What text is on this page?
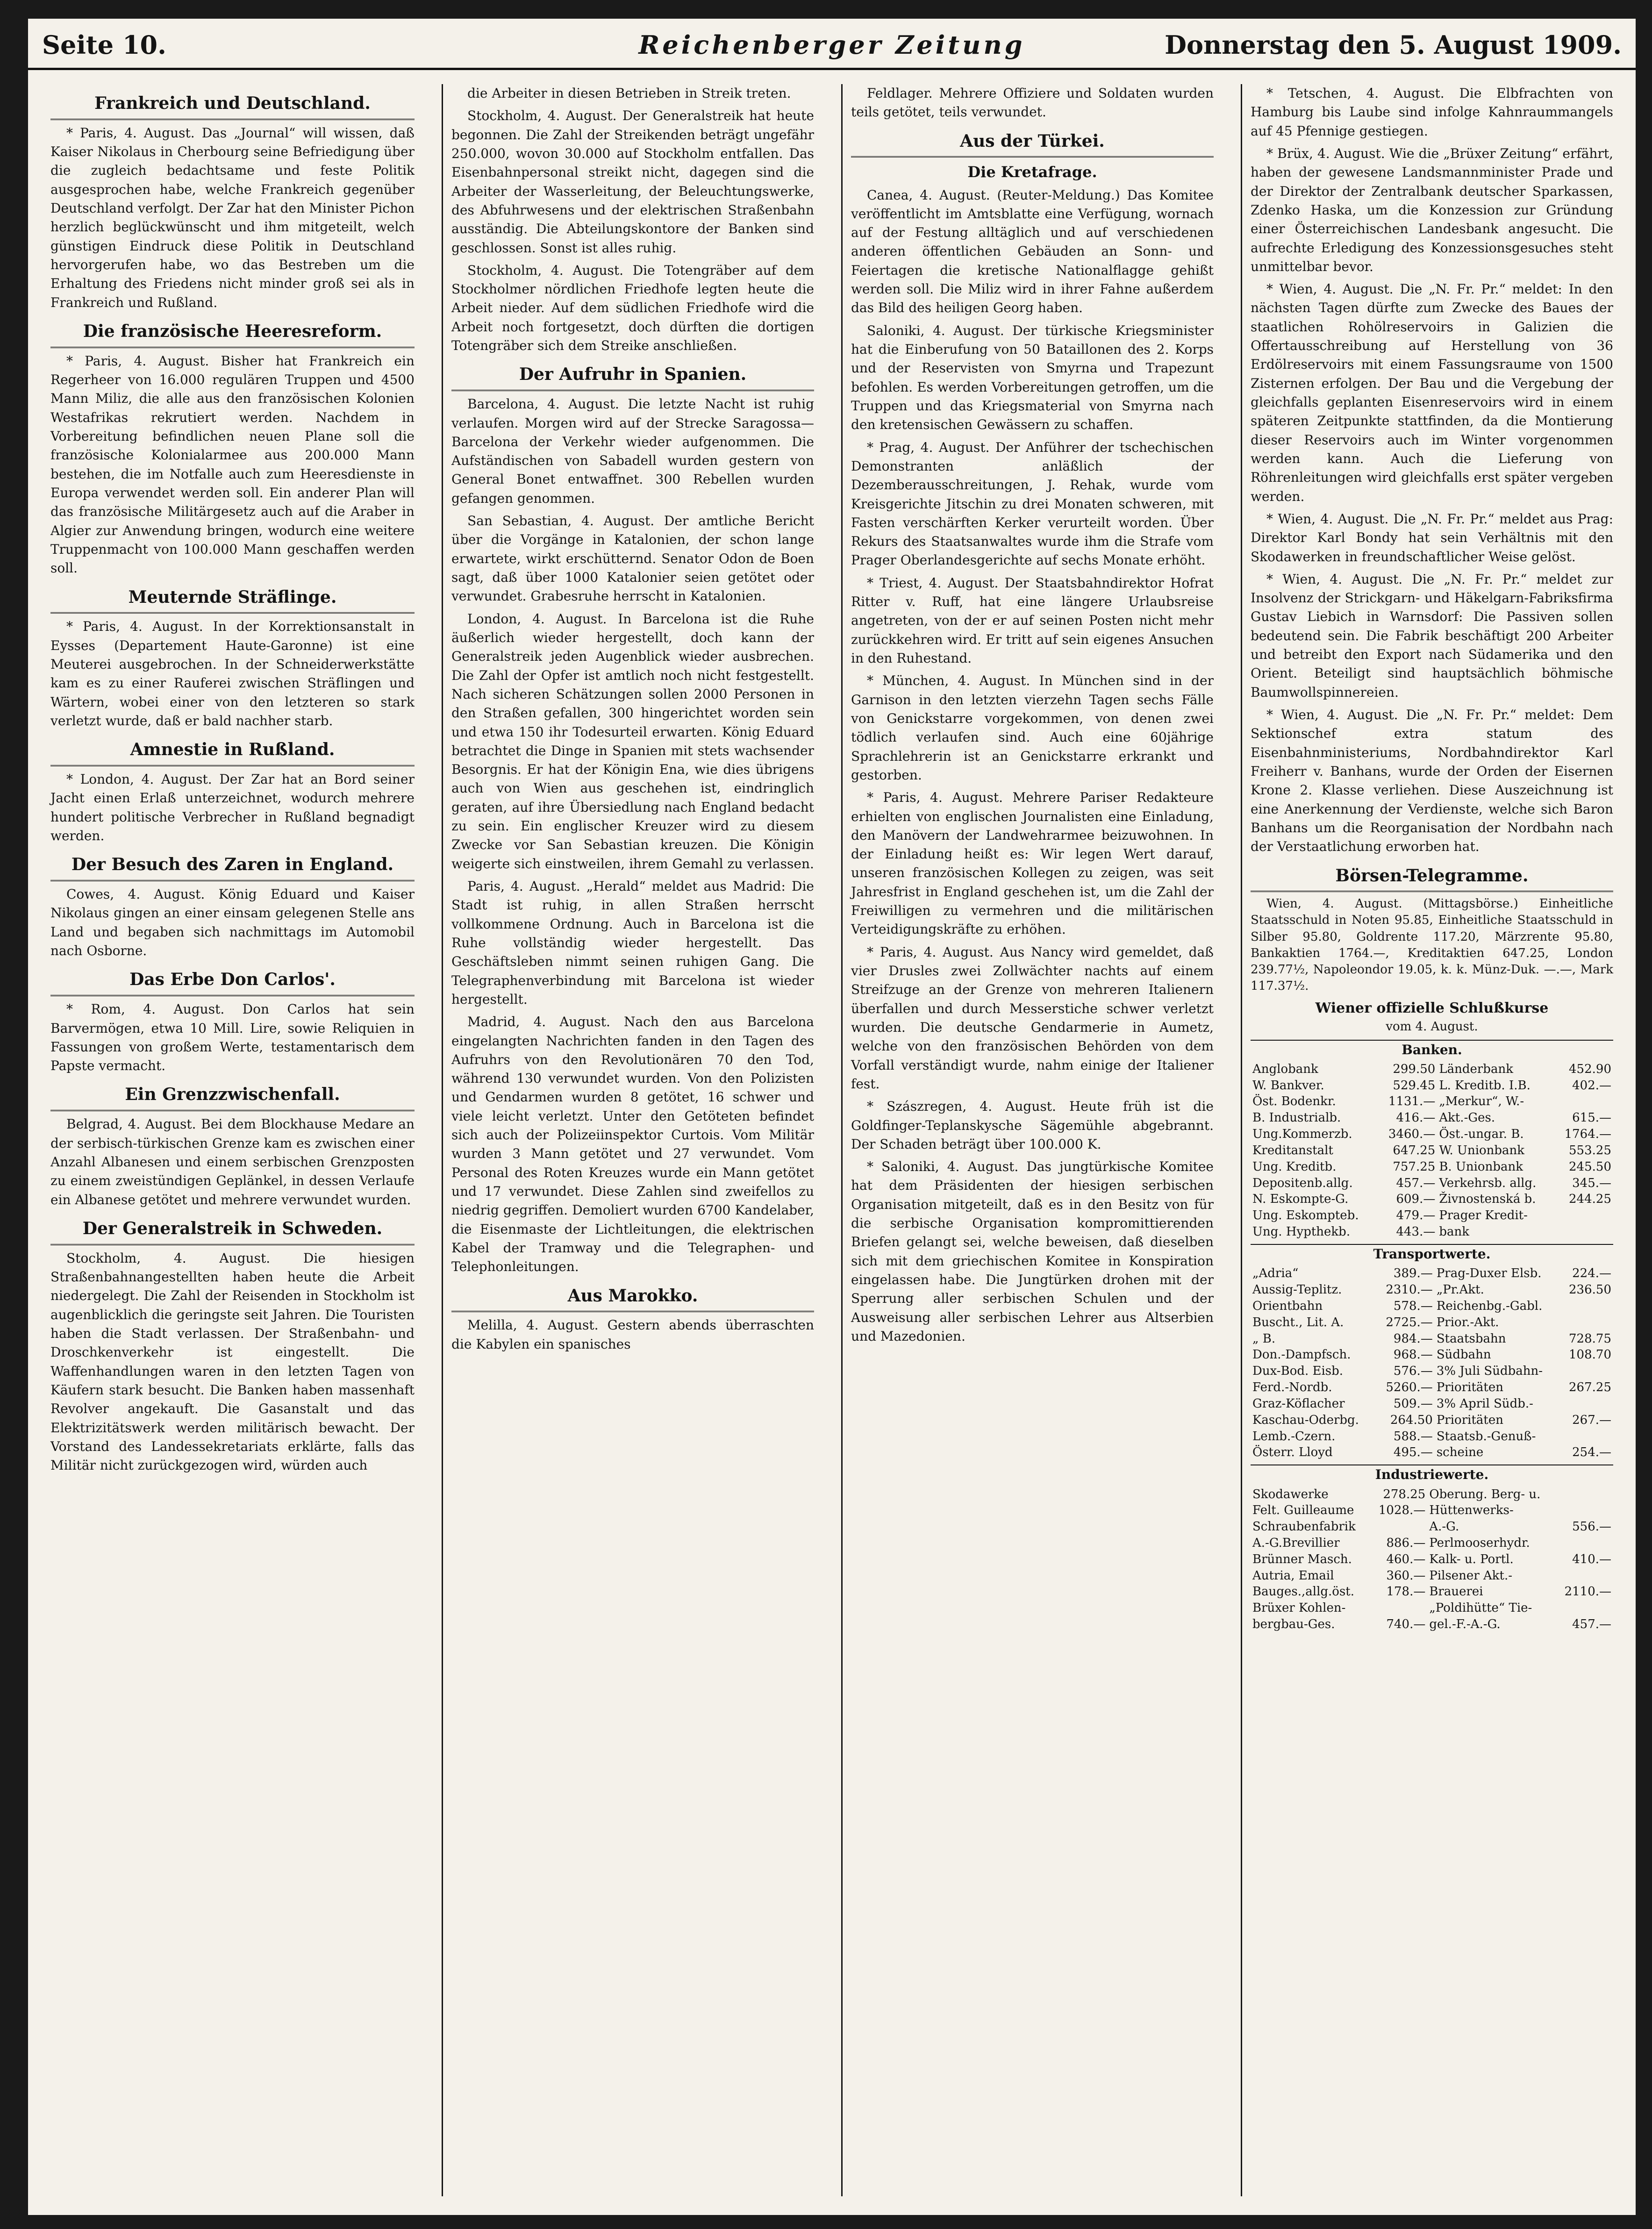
Seite 10.	Reichenberger Zeitung	Donnerstag den 5. August 1909.
Frankreich und Deutschland.

* Paris, 4. August. Das „Journal“ will wissen, daß Kaiser Nikolaus in Cherbourg seine Befriedigung über die zugleich bedachtsame und feste Politik ausgesprochen habe, welche Frankreich gegenüber Deutschland verfolgt. Der Zar hat den Minister Pichon herzlich beglückwünscht und ihm mitgeteilt, welch günstigen Eindruck diese Politik in Deutschland hervorgerufen habe, wo das Bestreben um die Erhaltung des Friedens nicht minder groß sei als in Frankreich und Rußland.

Die französische Heeresreform.

* Paris, 4. August. Bisher hat Frankreich ein Regerheer von 16.000 regulären Truppen und 4500 Mann Miliz, die alle aus den französischen Kolonien Westafrikas rekrutiert werden. Nachdem in Vorbereitung befindlichen neuen Plane soll die französische Kolonialarmee aus 200.000 Mann bestehen, die im Notfalle auch zum Heeresdienste in Europa verwendet werden soll. Ein anderer Plan will das französische Militärgesetz auch auf die Araber in Algier zur Anwendung bringen, wodurch eine weitere Truppenmacht von 100.000 Mann geschaffen werden soll.

Meuternde Sträflinge.

* Paris, 4. August. In der Korrektionsanstalt in Eysses (Departement Haute-Garonne) ist eine Meuterei ausgebrochen. In der Schneiderwerkstätte kam es zu einer Rauferei zwischen Sträflingen und Wärtern, wobei einer von den letzteren so stark verletzt wurde, daß er bald nachher starb.

Amnestie in Rußland.

* London, 4. August. Der Zar hat an Bord seiner Jacht einen Erlaß unterzeichnet, wodurch mehrere hundert politische Verbrecher in Rußland begnadigt werden.

Der Besuch des Zaren in England.

Cowes, 4. August. König Eduard und Kaiser Nikolaus gingen an einer einsam gelegenen Stelle ans Land und begaben sich nachmittags im Automobil nach Osborne.

Das Erbe Don Carlos'.

* Rom, 4. August. Don Carlos hat sein Barvermögen, etwa 10 Mill. Lire, sowie Reliquien in Fassungen von großem Werte, testamentarisch dem Papste vermacht.

Ein Grenzzwischenfall.

Belgrad, 4. August. Bei dem Blockhause Medare an der serbisch-türkischen Grenze kam es zwischen einer Anzahl Albanesen und einem serbischen Grenzposten zu einem zweistündigen Geplänkel, in dessen Verlaufe ein Albanese getötet und mehrere verwundet wurden.

Der Generalstreik in Schweden.

Stockholm, 4. August. Die hiesigen Straßenbahnangestellten haben heute die Arbeit niedergelegt. Die Zahl der Reisenden in Stockholm ist augenblicklich die geringste seit Jahren. Die Touristen haben die Stadt verlassen. Der Straßenbahn- und Droschkenverkehr ist eingestellt. Die Waffenhandlungen waren in den letzten Tagen von Käufern stark besucht. Die Banken haben massenhaft Revolver angekauft. Die Gasanstalt und das Elektrizitätswerk werden militärisch bewacht. Der Vorstand des Landessekretariats erklärte, falls das Militär nicht zurückgezogen wird, würden auch

die Arbeiter in diesen Betrieben in Streik treten.

Stockholm, 4. August. Der Generalstreik hat heute begonnen. Die Zahl der Streikenden beträgt ungefähr 250.000, wovon 30.000 auf Stockholm entfallen. Das Eisenbahnpersonal streikt nicht, dagegen sind die Arbeiter der Wasserleitung, der Beleuchtungswerke, des Abfuhrwesens und der elektrischen Straßenbahn ausständig. Die Abteilungskontore der Banken sind geschlossen. Sonst ist alles ruhig.

Stockholm, 4. August. Die Totengräber auf dem Stockholmer nördlichen Friedhofe legten heute die Arbeit nieder. Auf dem südlichen Friedhofe wird die Arbeit noch fortgesetzt, doch dürften die dortigen Totengräber sich dem Streike anschließen.

Der Aufruhr in Spanien.

Barcelona, 4. August. Die letzte Nacht ist ruhig verlaufen. Morgen wird auf der Strecke Saragossa—Barcelona der Verkehr wieder aufgenommen. Die Aufständischen von Sabadell wurden gestern von General Bonet entwaffnet. 300 Rebellen wurden gefangen genommen.

San Sebastian, 4. August. Der amtliche Bericht über die Vorgänge in Katalonien, der schon lange erwartete, wirkt erschütternd. Senator Odon de Boen sagt, daß über 1000 Katalonier seien getötet oder verwundet. Grabesruhe herrscht in Katalonien.

London, 4. August. In Barcelona ist die Ruhe äußerlich wieder hergestellt, doch kann der Generalstreik jeden Augenblick wieder ausbrechen. Die Zahl der Opfer ist amtlich noch nicht festgestellt. Nach sicheren Schätzungen sollen 2000 Personen in den Straßen gefallen, 300 hingerichtet worden sein und etwa 150 ihr Todesurteil erwarten. König Eduard betrachtet die Dinge in Spanien mit stets wachsender Besorgnis. Er hat der Königin Ena, wie dies übrigens auch von Wien aus geschehen ist, eindringlich geraten, auf ihre Übersiedlung nach England bedacht zu sein. Ein englischer Kreuzer wird zu diesem Zwecke vor San Sebastian kreuzen. Die Königin weigerte sich einstweilen, ihrem Gemahl zu verlassen.

Paris, 4. August. „Herald“ meldet aus Madrid: Die Stadt ist ruhig, in allen Straßen herrscht vollkommene Ordnung. Auch in Barcelona ist die Ruhe vollständig wieder hergestellt. Das Geschäftsleben nimmt seinen ruhigen Gang. Die Telegraphenverbindung mit Barcelona ist wieder hergestellt.

Madrid, 4. August. Nach den aus Barcelona eingelangten Nachrichten fanden in den Tagen des Aufruhrs von den Revolutionären 70 den Tod, während 130 verwundet wurden. Von den Polizisten und Gendarmen wurden 8 getötet, 16 schwer und viele leicht verletzt. Unter den Getöteten befindet sich auch der Polizeiinspektor Curtois. Vom Militär wurden 3 Mann getötet und 27 verwundet. Vom Personal des Roten Kreuzes wurde ein Mann getötet und 17 verwundet. Diese Zahlen sind zweifellos zu niedrig gegriffen. Demoliert wurden 6700 Kandelaber, die Eisenmaste der Lichtleitungen, die elektrischen Kabel der Tramway und die Telegraphen- und Telephonleitungen.

Aus Marokko.

Melilla, 4. August. Gestern abends überraschten die Kabylen ein spanisches

Feldlager. Mehrere Offiziere und Soldaten wurden teils getötet, teils verwundet.

Aus der Türkei.
Die Kretafrage.

Canea, 4. August. (Reuter-Meldung.) Das Komitee veröffentlicht im Amtsblatte eine Verfügung, wornach auf der Festung alltäglich und auf verschiedenen anderen öffentlichen Gebäuden an Sonn- und Feiertagen die kretische Nationalflagge gehißt werden soll. Die Miliz wird in ihrer Fahne außerdem das Bild des heiligen Georg haben.

Saloniki, 4. August. Der türkische Kriegsminister hat die Einberufung von 50 Bataillonen des 2. Korps und der Reservisten von Smyrna und Trapezunt befohlen. Es werden Vorbereitungen getroffen, um die Truppen und das Kriegsmaterial von Smyrna nach den kretensischen Gewässern zu schaffen.

* Prag, 4. August. Der Anführer der tschechischen Demonstranten anläßlich der Dezemberausschreitungen, J. Rehak, wurde vom Kreisgerichte Jitschin zu drei Monaten schweren, mit Fasten verschärften Kerker verurteilt worden. Über Rekurs des Staatsanwaltes wurde ihm die Strafe vom Prager Oberlandesgerichte auf sechs Monate erhöht.

* Triest, 4. August. Der Staatsbahndirektor Hofrat Ritter v. Ruff, hat eine längere Urlaubsreise angetreten, von der er auf seinen Posten nicht mehr zurückkehren wird. Er tritt auf sein eigenes Ansuchen in den Ruhestand.

* München, 4. August. In München sind in der Garnison in den letzten vierzehn Tagen sechs Fälle von Genickstarre vorgekommen, von denen zwei tödlich verlaufen sind. Auch eine 60jährige Sprachlehrerin ist an Genickstarre erkrankt und gestorben.

* Paris, 4. August. Mehrere Pariser Redakteure erhielten von englischen Journalisten eine Einladung, den Manövern der Landwehrarmee beizuwohnen. In der Einladung heißt es: Wir legen Wert darauf, unseren französischen Kollegen zu zeigen, was seit Jahresfrist in England geschehen ist, um die Zahl der Freiwilligen zu vermehren und die militärischen Verteidigungskräfte zu erhöhen.

* Paris, 4. August. Aus Nancy wird gemeldet, daß vier Drusles zwei Zollwächter nachts auf einem Streifzuge an der Grenze von mehreren Italienern überfallen und durch Messerstiche schwer verletzt wurden. Die deutsche Gendarmerie in Aumetz, welche von den französischen Behörden von dem Vorfall verständigt wurde, nahm einige der Italiener fest.

* Szászregen, 4. August. Heute früh ist die Goldfinger-Teplanskysche Sägemühle abgebrannt. Der Schaden beträgt über 100.000 K.

* Saloniki, 4. August. Das jungtürkische Komitee hat dem Präsidenten der hiesigen serbischen Organisation mitgeteilt, daß es in den Besitz von für die serbische Organisation kompromittierenden Briefen gelangt sei, welche beweisen, daß dieselben sich mit dem griechischen Komitee in Konspiration eingelassen habe. Die Jungtürken drohen mit der Sperrung aller serbischen Schulen und der Ausweisung aller serbischen Lehrer aus Altserbien und Mazedonien.

* Tetschen, 4. August. Die Elbfrachten von Hamburg bis Laube sind infolge Kahnraummangels auf 45 Pfennige gestiegen.

* Brüx, 4. August. Wie die „Brüxer Zeitung“ erfährt, haben der gewesene Landsmannminister Prade und der Direktor der Zentralbank deutscher Sparkassen, Zdenko Haska, um die Konzession zur Gründung einer Österreichischen Landesbank angesucht. Die aufrechte Erledigung des Konzessionsgesuches steht unmittelbar bevor.

* Wien, 4. August. Die „N. Fr. Pr.“ meldet: In den nächsten Tagen dürfte zum Zwecke des Baues der staatlichen Rohölreservoirs in Galizien die Offertausschreibung auf Herstellung von 36 Erdölreservoirs mit einem Fassungsraume von 1500 Zisternen erfolgen. Der Bau und die Vergebung der gleichfalls geplanten Eisenreservoirs wird in einem späteren Zeitpunkte stattfinden, da die Montierung dieser Reservoirs auch im Winter vorgenommen werden kann. Auch die Lieferung von Röhrenleitungen wird gleichfalls erst später vergeben werden.

* Wien, 4. August. Die „N. Fr. Pr.“ meldet aus Prag: Direktor Karl Bondy hat sein Verhältnis mit den Skodawerken in freundschaftlicher Weise gelöst.

* Wien, 4. August. Die „N. Fr. Pr.“ meldet zur Insolvenz der Strickgarn- und Häkelgarn-Fabriksfirma Gustav Liebich in Warnsdorf: Die Passiven sollen bedeutend sein. Die Fabrik beschäftigt 200 Arbeiter und betreibt den Export nach Südamerika und den Orient. Beteiligt sind hauptsächlich böhmische Baumwollspinnereien.

* Wien, 4. August. Die „N. Fr. Pr.“ meldet: Dem Sektionschef extra statum des Eisenbahnministeriums, Nordbahndirektor Karl Freiherr v. Banhans, wurde der Orden der Eisernen Krone 2. Klasse verliehen. Diese Auszeichnung ist eine Anerkennung der Verdienste, welche sich Baron Banhans um die Reorganisation der Nordbahn nach der Verstaatlichung erworben hat.

Börsen-Telegramme.

Wien, 4. August. (Mittagsbörse.) Einheitliche Staatsschuld in Noten 95.85, Einheitliche Staatsschuld in Silber 95.80, Goldrente 117.20, Märzrente 95.80, Bankaktien 1764.—, Kreditaktien 647.25, London 239.77½, Napoleondor 19.05, k. k. Münz-Duk. —.—, Mark 117.37½.

Wiener offizielle Schlußkurse
vom 4. August.
Banken.
Anglobank	299.50	Länderbank	452.90
W. Bankver.	529.45	L. Kreditb. I.B.	402.—
Öst. Bodenkr.	1131.—	„Merkur“, W.-	
B. Industrialb.	416.—	Akt.-Ges.	615.—
Ung.Kommerzb.	3460.—	Öst.-ungar. B.	1764.—
Kreditanstalt	647.25	W. Unionbank	553.25
Ung. Kreditb.	757.25	B. Unionbank	245.50
Depositenb.allg.	457.—	Verkehrsb. allg.	345.—
N. Eskompte-G.	609.—	Živnostenská b.	244.25
Ung. Eskompteb.	479.—	Prager Kredit-	
Ung. Hypthekb.	443.—	bank	
Transportwerte.
„Adria“	389.—	Prag-Duxer Elsb.	224.—
Aussig-Teplitz.	2310.—	„Pr.Akt.	236.50
Orientbahn	578.—	Reichenbg.-Gabl.	
Buscht., Lit. A.	2725.—	Prior.-Akt.	
„ B.	984.—	Staatsbahn	728.75
Don.-Dampfsch.	968.—	Südbahn	108.70
Dux-Bod. Eisb.	576.—	3% Juli Südbahn-	
Ferd.-Nordb.	5260.—	Prioritäten	267.25
Graz-Köflacher	509.—	3% April Südb.-	
Kaschau-Oderbg.	264.50	Prioritäten	267.—
Lemb.-Czern.	588.—	Staatsb.-Genuß-	
Österr. Lloyd	495.—	scheine	254.—
Industriewerte.
Skodawerke	278.25	Oberung. Berg- u.	
Felt. Guilleaume	1028.—	Hüttenwerks-	
Schraubenfabrik		A.-G.	556.—
A.-G.Brevillier	886.—	Perlmooserhydr.	
Brünner Masch.	460.—	Kalk- u. Portl.	410.—
Autria, Email	360.—	Pilsener Akt.-	
Bauges.,allg.öst.	178.—	Brauerei	2110.—
Brüxer Kohlen-		„Poldihütte“ Tie-	
bergbau-Ges.	740.—	gel.-F.-A.-G.	457.—
